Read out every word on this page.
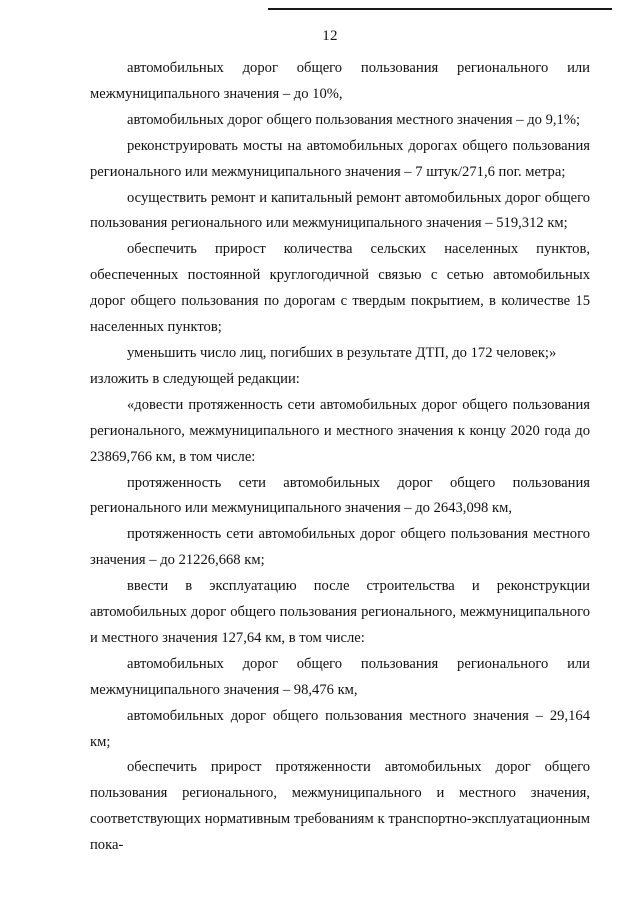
12

автомобильных дорог общего пользования регионального или межмуниципального значения – до 10%,

автомобильных дорог общего пользования местного значения – до 9,1%;

реконструировать мосты на автомобильных дорогах общего пользования регионального или межмуниципального значения – 7 штук/271,6 пог. метра;

осуществить ремонт и капитальный ремонт автомобильных дорог общего пользования регионального или межмуниципального значения – 519,312 км;

обеспечить прирост количества сельских населенных пунктов, обеспеченных постоянной круглогодичной связью с сетью автомобильных дорог общего пользования по дорогам с твердым покрытием, в количестве 15 населенных пунктов;

уменьшить число лиц, погибших в результате ДТП, до 172 человек;»

изложить в следующей редакции:

«довести протяженность сети автомобильных дорог общего пользования регионального, межмуниципального и местного значения к концу 2020 года до 23869,766 км, в том числе:

протяженность сети автомобильных дорог общего пользования регионального или межмуниципального значения – до 2643,098 км,

протяженность сети автомобильных дорог общего пользования местного значения – до 21226,668 км;

ввести в эксплуатацию после строительства и реконструкции автомобильных дорог общего пользования регионального, межмуниципального и местного значения 127,64 км, в том числе:

автомобильных дорог общего пользования регионального или межмуниципального значения – 98,476 км,

автомобильных дорог общего пользования местного значения – 29,164 км;

обеспечить прирост протяженности автомобильных дорог общего пользования регионального, межмуниципального и местного значения, соответствующих нормативным требованиям к транспортно-эксплуатационным пока-
